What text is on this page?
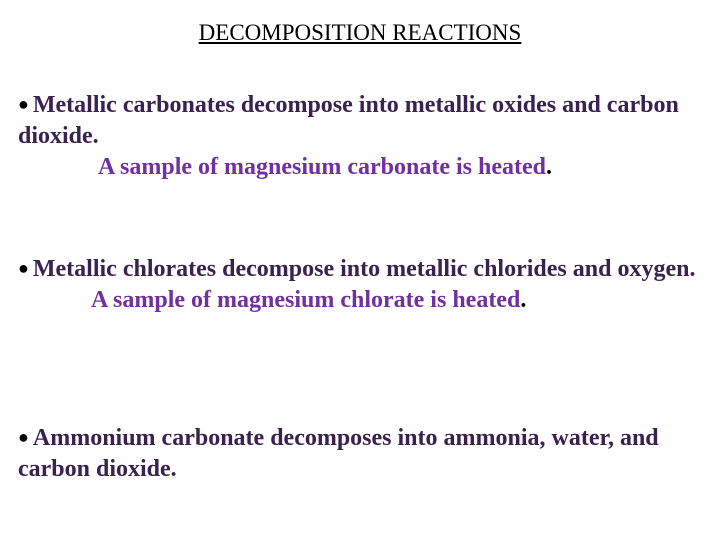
DECOMPOSITION REACTIONS

● Metallic carbonates decompose into metallic oxides and carbon dioxide.

A sample of magnesium carbonate is heated.

● Metallic chlorates decompose into metallic chlorides and oxygen.

A sample of magnesium chlorate is heated.

● Ammonium carbonate decomposes into ammonia, water, and carbon dioxide.
